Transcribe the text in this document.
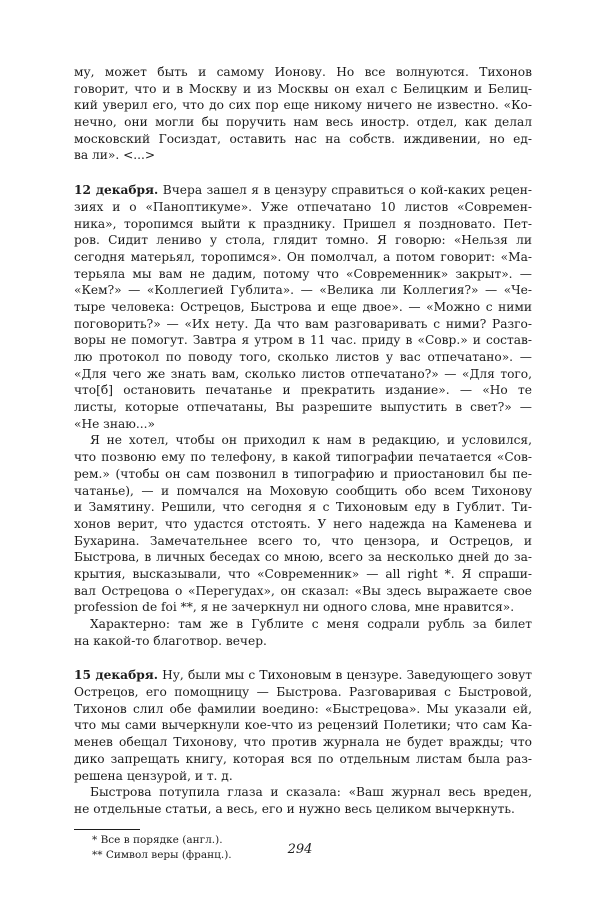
му, может быть и самому Ионову. Но все волнуются. Тихонов
говорит, что и в Москву и из Москвы он ехал с Белицким и Белиц-
кий уверил его, что до сих пор еще никому ничего не известно. «Ко-
нечно, они могли бы поручить нам весь иностр. отдел, как делал
московский Госиздат, оставить нас на собств. иждивении, но ед-
ва ли». <...>
12 декабря. Вчера зашел я в цензуру справиться о кой-каких рецен-
зиях и о «Паноптикуме». Уже отпечатано 10 листов «Современ-
ника», торопимся выйти к празднику. Пришел я поздновато. Пет-
ров. Сидит лениво у стола, глядит томно. Я говорю: «Нельзя ли
сегодня матерьял, торопимся». Он помолчал, а потом говорит: «Ма-
терьяла мы вам не дадим, потому что «Современник» закрыт». —
«Кем?» — «Коллегией Гублита». — «Велика ли Коллегия?» — «Че-
тыре человека: Острецов, Быстрова и еще двое». — «Можно с ними
поговорить?» — «Их нету. Да что вам разговаривать с ними? Разго-
воры не помогут. Завтра я утром в 11 час. приду в «Совр.» и состав-
лю протокол по поводу того, сколько листов у вас отпечатано». —
«Для чего же знать вам, сколько листов отпечатано?» — «Для того,
что[б] остановить печатанье и прекратить издание». — «Но те
листы, которые отпечатаны, Вы разрешите выпустить в свет?» —
«Не знаю...»
Я не хотел, чтобы он приходил к нам в редакцию, и условился,
что позвоню ему по телефону, в какой типографии печатается «Сов-
рем.» (чтобы он сам позвонил в типографию и приостановил бы пе-
чатанье), — и помчался на Моховую сообщить обо всем Тихонову
и Замятину. Решили, что сегодня я с Тихоновым еду в Гублит. Ти-
хонов верит, что удастся отстоять. У него надежда на Каменева и
Бухарина. Замечательнее всего то, что цензора, и Острецов, и
Быстрова, в личных беседах со мною, всего за несколько дней до за-
крытия, высказывали, что «Современник» — all right *. Я спраши-
вал Острецова о «Перегудах», он сказал: «Вы здесь выражаете свое
profession de foi **, я не зачеркнул ни одного слова, мне нравится».
Характерно: там же в Гублите с меня содрали рубль за билет
на какой-то благотвор. вечер.
15 декабря. Ну, были мы с Тихоновым в цензуре. Заведующего зовут
Острецов, его помощницу — Быстрова. Разговаривая с Быстровой,
Тихонов слил обе фамилии воедино: «Быстрецова». Мы указали ей,
что мы сами вычеркнули кое-что из рецензий Полетики; что сам Ка-
менев обещал Тихонову, что против журнала не будет вражды; что
дико запрещать книгу, которая вся по отдельным листам была раз-
решена цензурой, и т. д.
Быстрова потупила глаза и сказала: «Ваш журнал весь вреден,
не отдельные статьи, а весь, его и нужно весь целиком вычеркнуть.
* Все в порядке (англ.).
** Символ веры (франц.).	294
